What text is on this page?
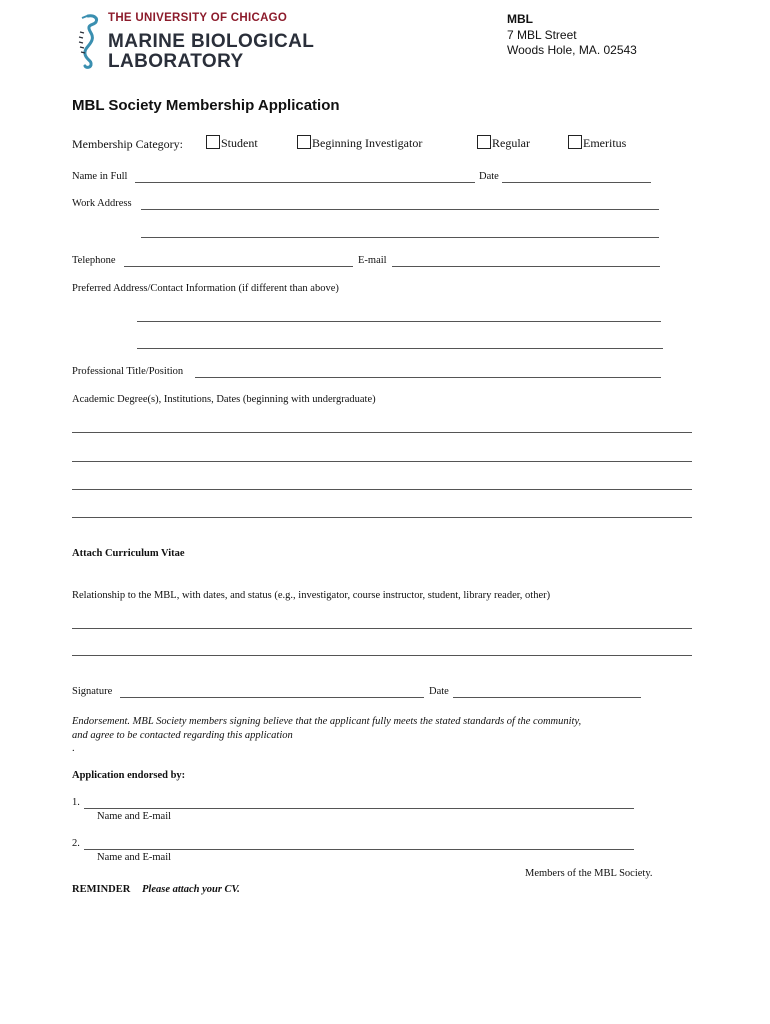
THE UNIVERSITY OF CHICAGO
MARINE BIOLOGICAL
LABORATORY
MBL
7 MBL Street
Woods Hole, MA. 02543
MBL Society Membership Application
Membership Category:	Student	Beginning Investigator	Regular	Emeritus
Name in Full	Date
Work Address
Telephone	E-mail
Preferred Address/Contact Information (if different than above)
Professional Title/Position
Academic Degree(s), Institutions, Dates (beginning with undergraduate)
Attach Curriculum Vitae
Relationship to the MBL, with dates, and status (e.g., investigator, course instructor, student, library reader, other)
Signature	Date
Endorsement. MBL Society members signing believe that the applicant fully meets the stated standards of the community,
and agree to be contacted regarding this application
.
Application endorsed by:
1.
Name and E-mail
2.
Name and E-mail
Members of the MBL Society.
REMINDER Please attach your CV.
